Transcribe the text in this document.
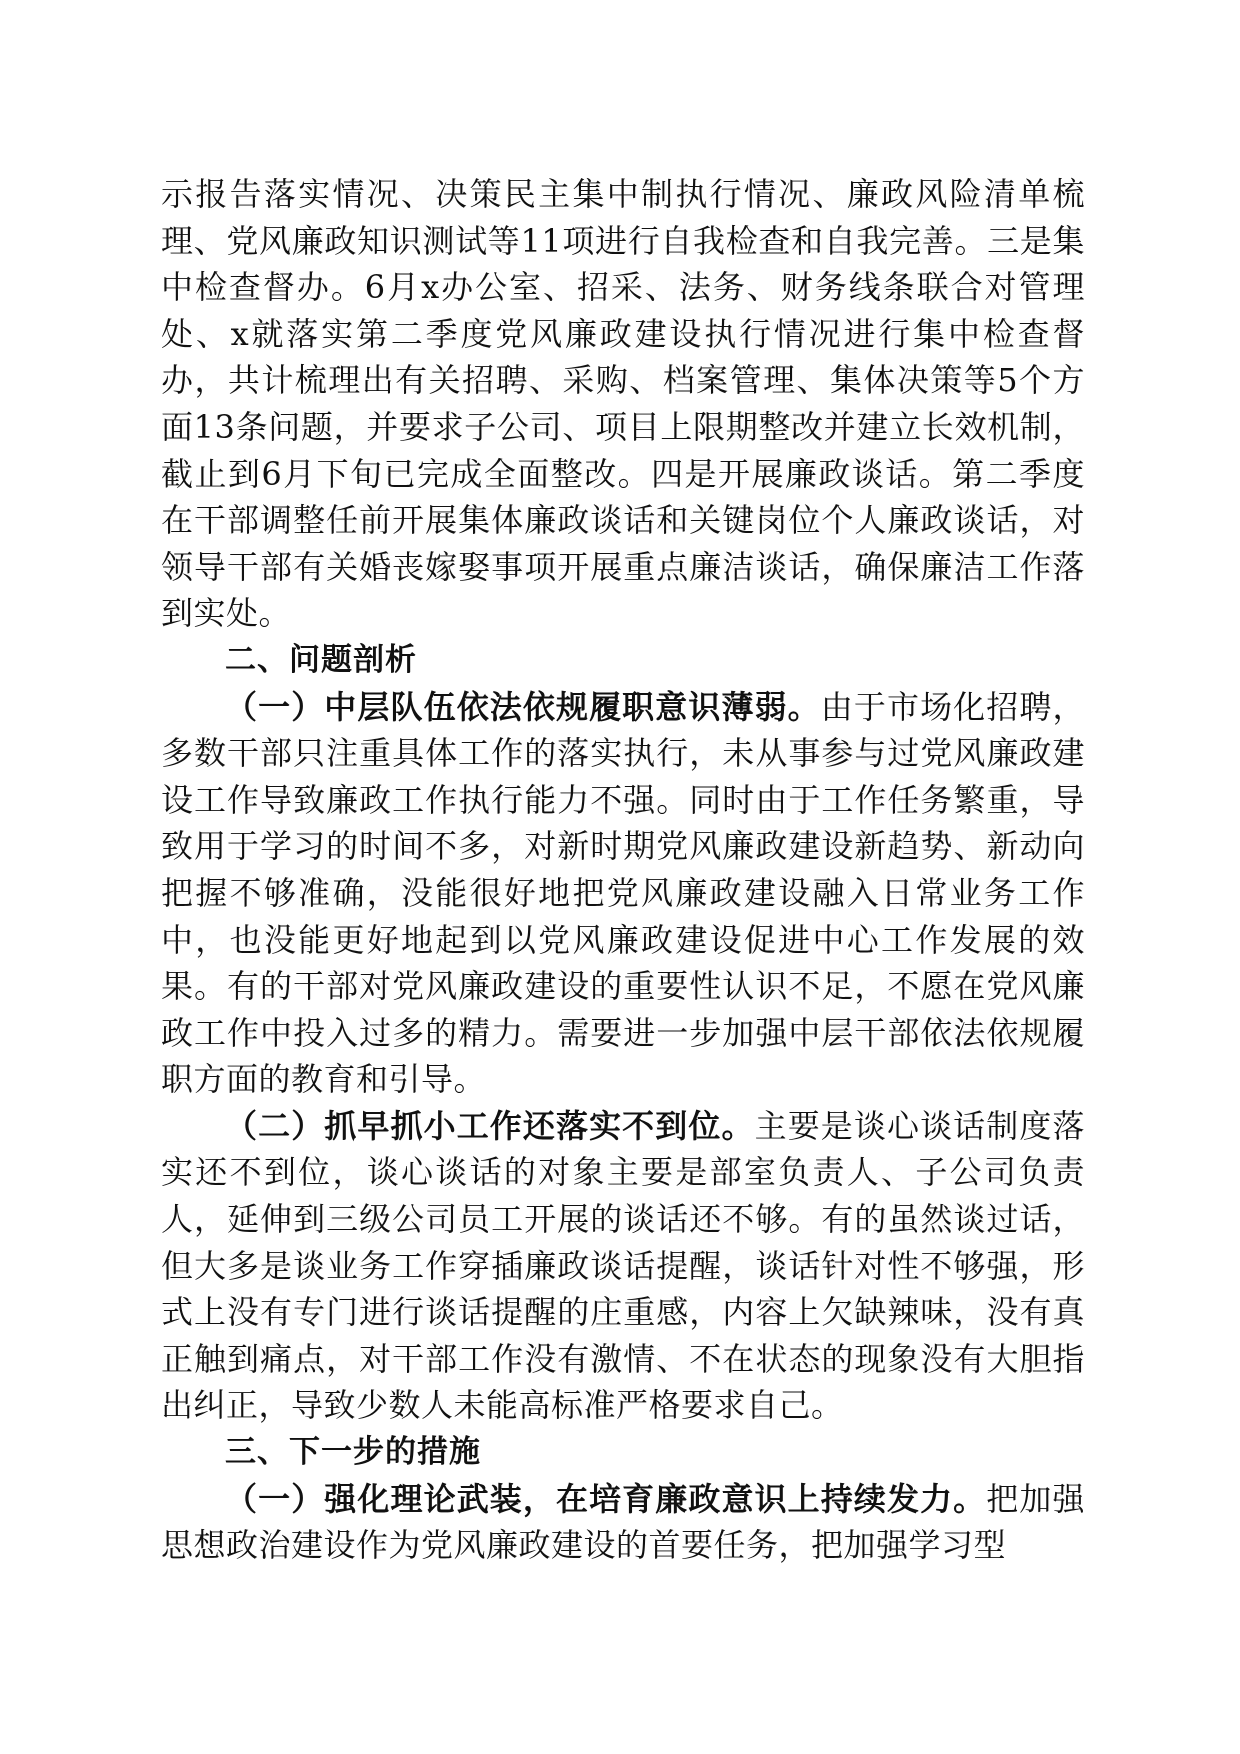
示报告落实情况、决策民主集中制执行情况、廉政风险清单梳理、党风廉政知识测试等11项进行自我检查和自我完善。三是集中检查督办。6月x办公室、招采、法务、财务线条联合对管理处、x就落实第二季度党风廉政建设执行情况进行集中检查督办，共计梳理出有关招聘、采购、档案管理、集体决策等5个方面13条问题，并要求子公司、项目上限期整改并建立长效机制，截止到6月下旬已完成全面整改。四是开展廉政谈话。第二季度在干部调整任前开展集体廉政谈话和关键岗位个人廉政谈话，对领导干部有关婚丧嫁娶事项开展重点廉洁谈话，确保廉洁工作落到实处。

二、问题剖析

（一）中层队伍依法依规履职意识薄弱。由于市场化招聘，多数干部只注重具体工作的落实执行，未从事参与过党风廉政建设工作导致廉政工作执行能力不强。同时由于工作任务繁重，导致用于学习的时间不多，对新时期党风廉政建设新趋势、新动向把握不够准确，没能很好地把党风廉政建设融入日常业务工作中，也没能更好地起到以党风廉政建设促进中心工作发展的效果。有的干部对党风廉政建设的重要性认识不足，不愿在党风廉政工作中投入过多的精力。需要进一步加强中层干部依法依规履职方面的教育和引导。

（二）抓早抓小工作还落实不到位。主要是谈心谈话制度落实还不到位，谈心谈话的对象主要是部室负责人、子公司负责人，延伸到三级公司员工开展的谈话还不够。有的虽然谈过话，但大多是谈业务工作穿插廉政谈话提醒，谈话针对性不够强，形式上没有专门进行谈话提醒的庄重感，内容上欠缺辣味，没有真正触到痛点，对干部工作没有激情、不在状态的现象没有大胆指出纠正，导致少数人未能高标准严格要求自己。

三、下一步的措施

（一）强化理论武装，在培育廉政意识上持续发力。把加强思想政治建设作为党风廉政建设的首要任务，把加强学习型
